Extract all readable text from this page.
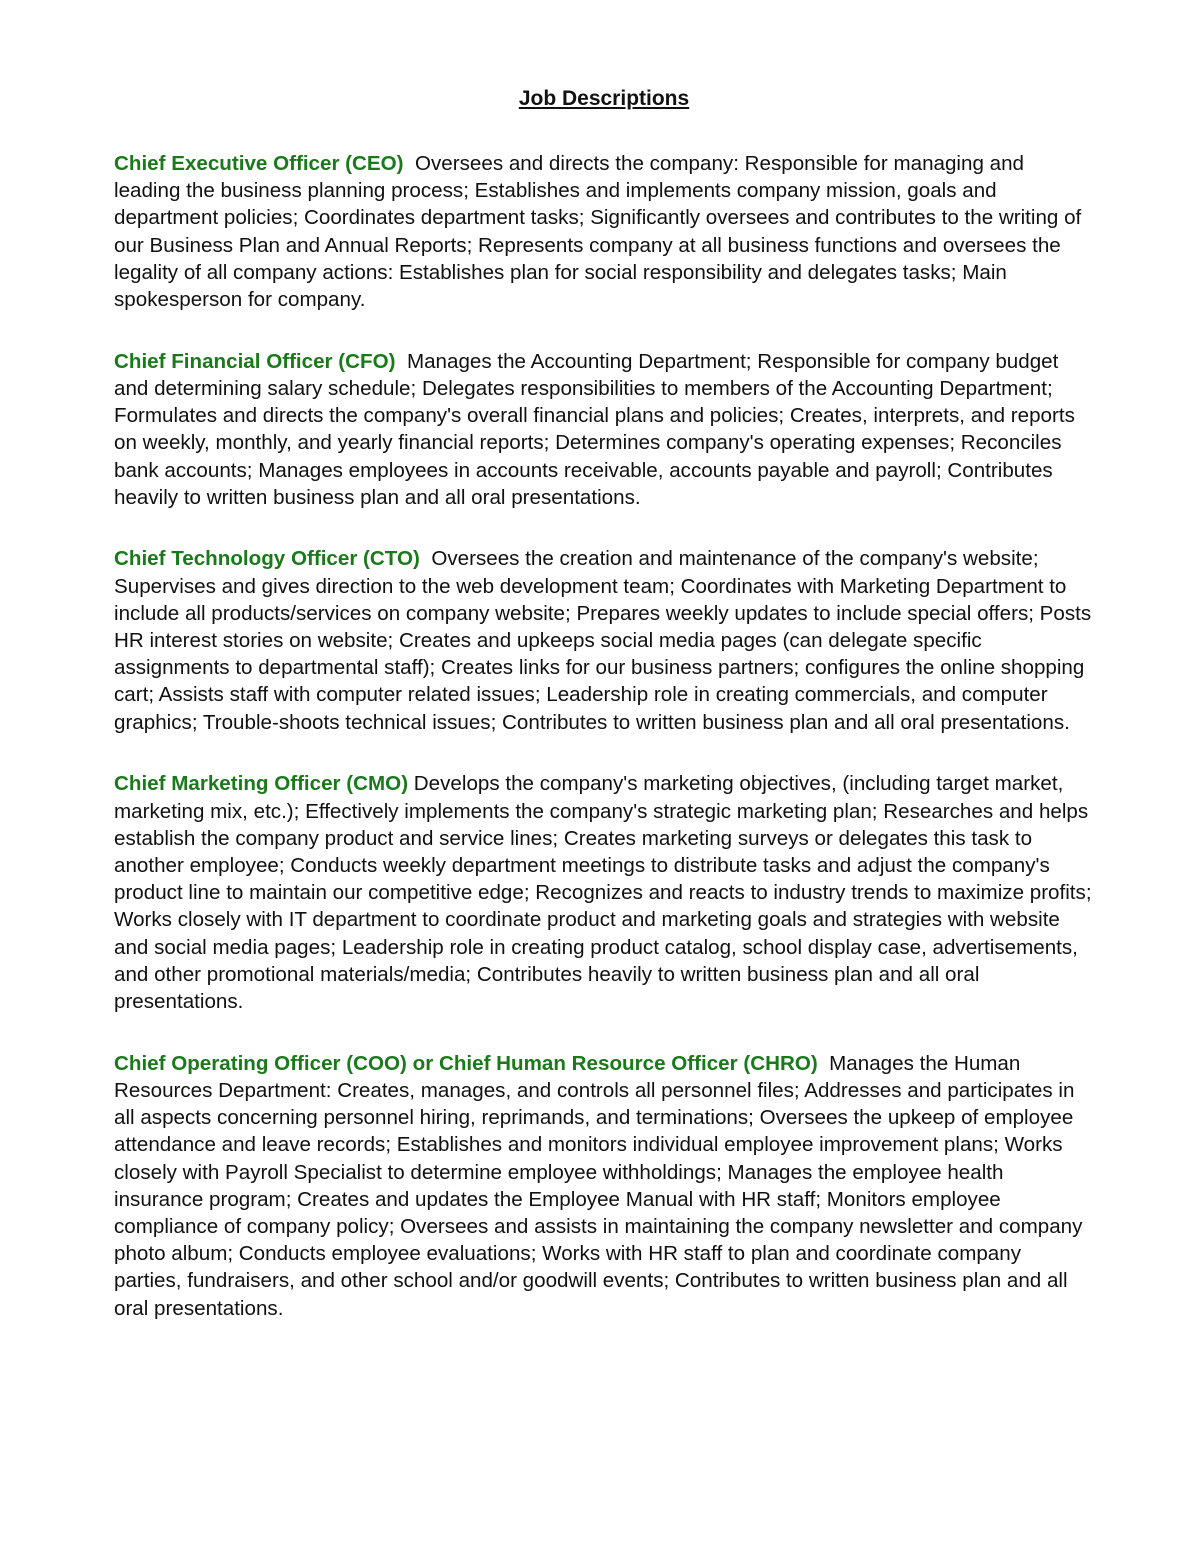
Job Descriptions

Chief Executive Officer (CEO) Oversees and directs the company: Responsible for managing and leading the business planning process; Establishes and implements company mission, goals and department policies; Coordinates department tasks; Significantly oversees and contributes to the writing of our Business Plan and Annual Reports; Represents company at all business functions and oversees the legality of all company actions: Establishes plan for social responsibility and delegates tasks; Main spokesperson for company.

Chief Financial Officer (CFO) Manages the Accounting Department; Responsible for company budget and determining salary schedule; Delegates responsibilities to members of the Accounting Department; Formulates and directs the company's overall financial plans and policies; Creates, interprets, and reports on weekly, monthly, and yearly financial reports; Determines company's operating expenses; Reconciles bank accounts; Manages employees in accounts receivable, accounts payable and payroll; Contributes heavily to written business plan and all oral presentations.

Chief Technology Officer (CTO) Oversees the creation and maintenance of the company's website; Supervises and gives direction to the web development team; Coordinates with Marketing Department to include all products/services on company website; Prepares weekly updates to include special offers; Posts HR interest stories on website; Creates and upkeeps social media pages (can delegate specific assignments to departmental staff); Creates links for our business partners; configures the online shopping cart; Assists staff with computer related issues; Leadership role in creating commercials, and computer graphics; Trouble-shoots technical issues; Contributes to written business plan and all oral presentations.

Chief Marketing Officer (CMO) Develops the company's marketing objectives, (including target market, marketing mix, etc.); Effectively implements the company's strategic marketing plan; Researches and helps establish the company product and service lines; Creates marketing surveys or delegates this task to another employee; Conducts weekly department meetings to distribute tasks and adjust the company's product line to maintain our competitive edge; Recognizes and reacts to industry trends to maximize profits; Works closely with IT department to coordinate product and marketing goals and strategies with website and social media pages; Leadership role in creating product catalog, school display case, advertisements, and other promotional materials/media; Contributes heavily to written business plan and all oral presentations.

Chief Operating Officer (COO) or Chief Human Resource Officer (CHRO) Manages the Human Resources Department: Creates, manages, and controls all personnel files; Addresses and participates in all aspects concerning personnel hiring, reprimands, and terminations; Oversees the upkeep of employee attendance and leave records; Establishes and monitors individual employee improvement plans; Works closely with Payroll Specialist to determine employee withholdings; Manages the employee health insurance program; Creates and updates the Employee Manual with HR staff; Monitors employee compliance of company policy; Oversees and assists in maintaining the company newsletter and company photo album; Conducts employee evaluations; Works with HR staff to plan and coordinate company parties, fundraisers, and other school and/or goodwill events; Contributes to written business plan and all oral presentations.
